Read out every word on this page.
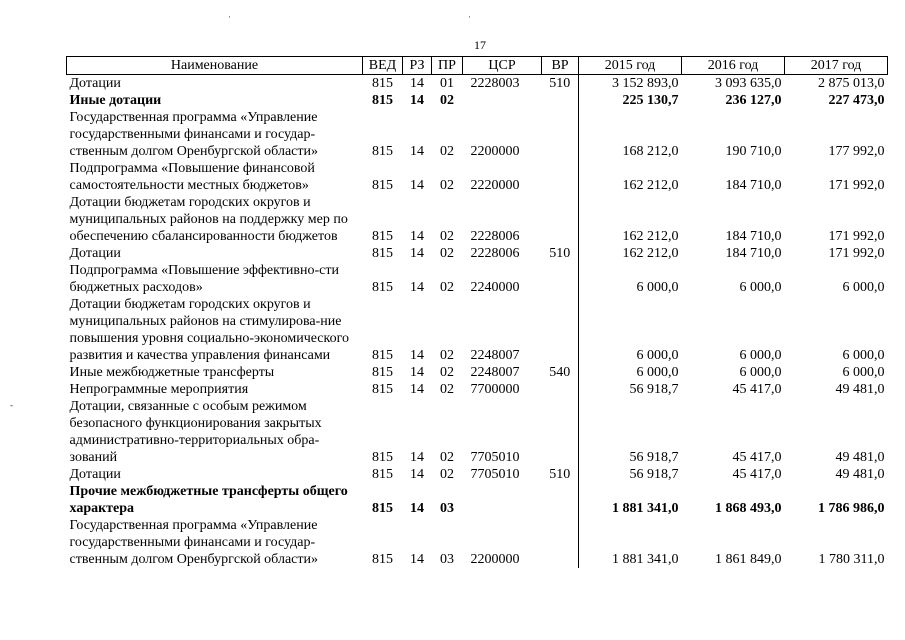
17
Наименование	ВЕД	РЗ	ПР	ЦСР	ВР	2015 год	2016 год	2017 год
Дотации	815	14	01	2228003	510	3 152 893,0	3 093 635,0	2 875 013,0
Иные дотации	815	14	02			225 130,7	236 127,0	227 473,0
Государственная программа «Управление государственными финансами и государ-ственным долгом Оренбургской области»	815	14	02	2200000		168 212,0	190 710,0	177 992,0
Подпрограмма «Повышение финансовой самостоятельности местных бюджетов»	815	14	02	2220000		162 212,0	184 710,0	171 992,0
Дотации бюджетам городских округов и муниципальных районов на поддержку мер по обеспечению сбалансированности бюджетов	815	14	02	2228006		162 212,0	184 710,0	171 992,0
Дотации	815	14	02	2228006	510	162 212,0	184 710,0	171 992,0
Подпрограмма «Повышение эффективно-сти бюджетных расходов»	815	14	02	2240000		6 000,0	6 000,0	6 000,0
Дотации бюджетам городских округов и муниципальных районов на стимулирова-ние повышения уровня социально-экономического развития и качества управления финансами	815	14	02	2248007		6 000,0	6 000,0	6 000,0
Иные межбюджетные трансферты	815	14	02	2248007	540	6 000,0	6 000,0	6 000,0
Непрограммные мероприятия	815	14	02	7700000		56 918,7	45 417,0	49 481,0
Дотации, связанные с особым режимом безопасного функционирования закрытых административно-территориальных обра-зований	815	14	02	7705010		56 918,7	45 417,0	49 481,0
Дотации	815	14	02	7705010	510	56 918,7	45 417,0	49 481,0
Прочие межбюджетные трансферты общего характера	815	14	03			1 881 341,0	1 868 493,0	1 786 986,0
Государственная программа «Управление государственными финансами и государ-ственным долгом Оренбургской области»	815	14	03	2200000		1 881 341,0	1 861 849,0	1 780 311,0
·	·
-
